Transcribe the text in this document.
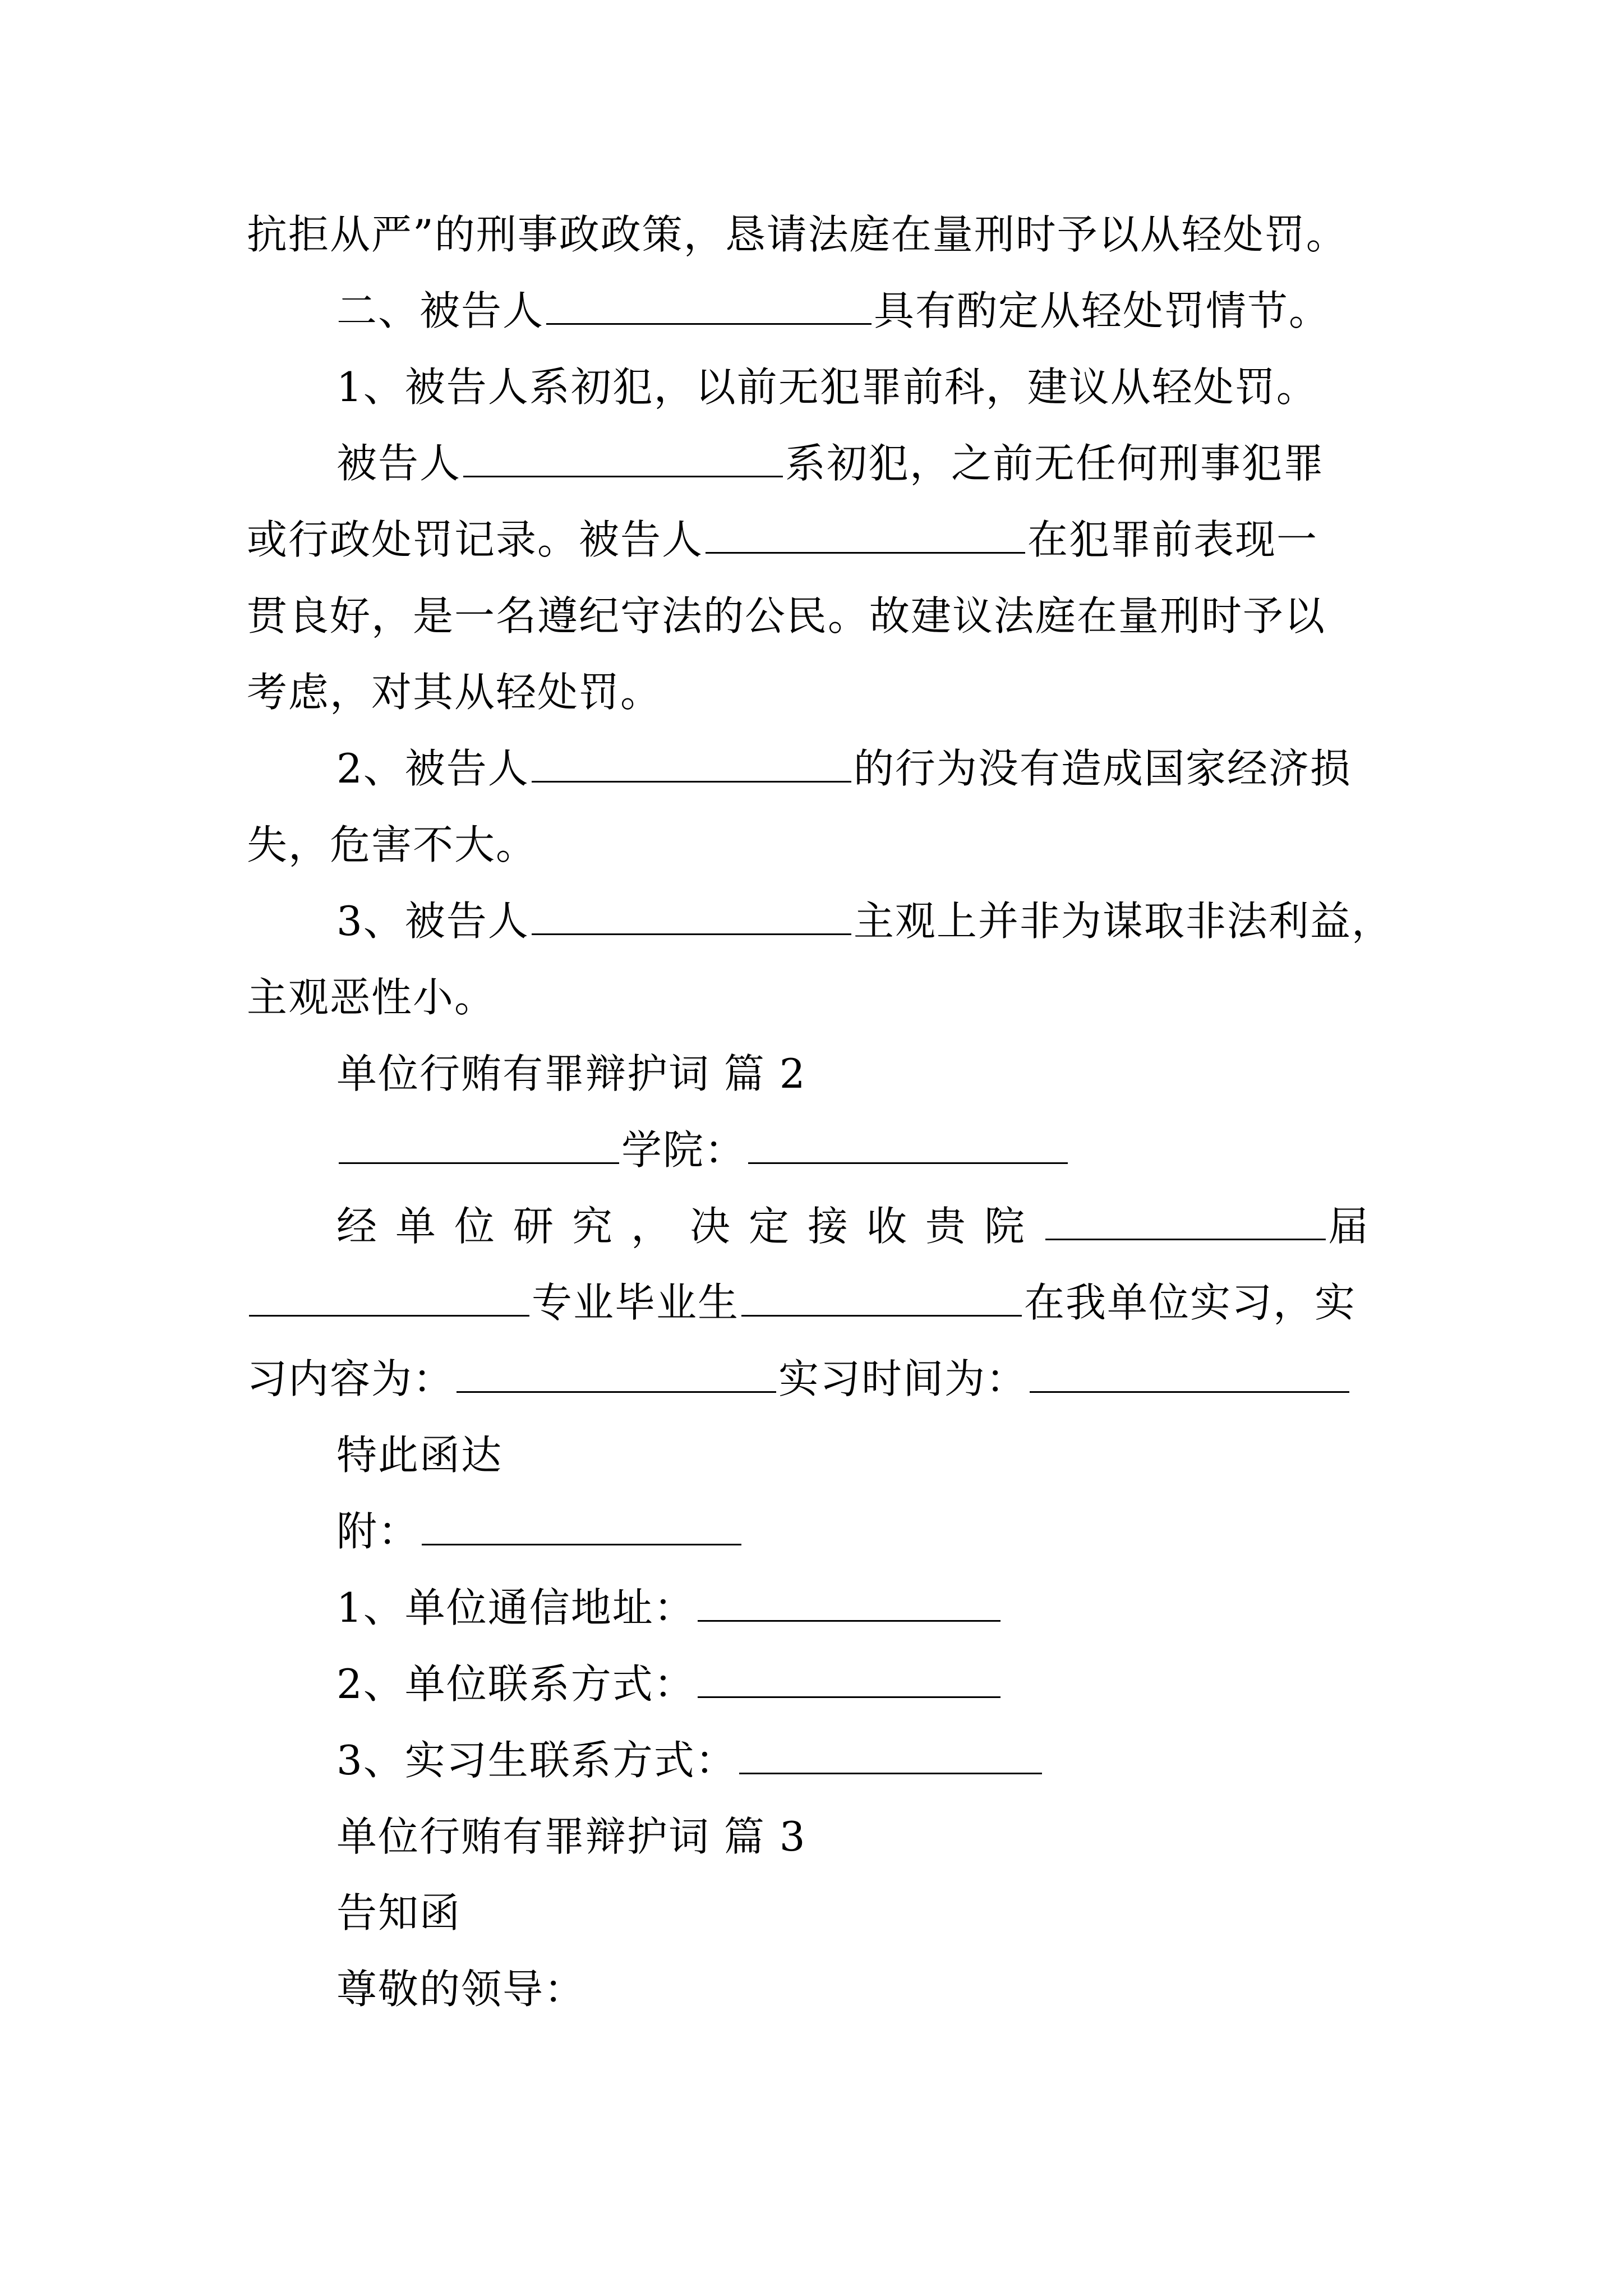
抗拒从严”的刑事政政策，恳请法庭在量刑时予以从轻处罚。
二、被告人	具有酌定从轻处罚情节。
1、被告人系初犯，以前无犯罪前科，建议从轻处罚。
被告人	系初犯，之前无任何刑事犯罪
或行政处罚记录。被告人	在犯罪前表现一
贯良好，是一名遵纪守法的公民。故建议法庭在量刑时予以
考虑，对其从轻处罚。
2、被告人	的行为没有造成国家经济损
失，危害不大。
3、被告人	主观上并非为谋取非法利益，
主观恶性小。
单位行贿有罪辩护词 篇 2
学院：
经单位研究，决定接收贵院	届
专业毕业生	在我单位实习，实
习内容为：	实习时间为：
特此函达
附：
1、单位通信地址：
2、单位联系方式：
3、实习生联系方式：
单位行贿有罪辩护词 篇 3
告知函
尊敬的领导：
